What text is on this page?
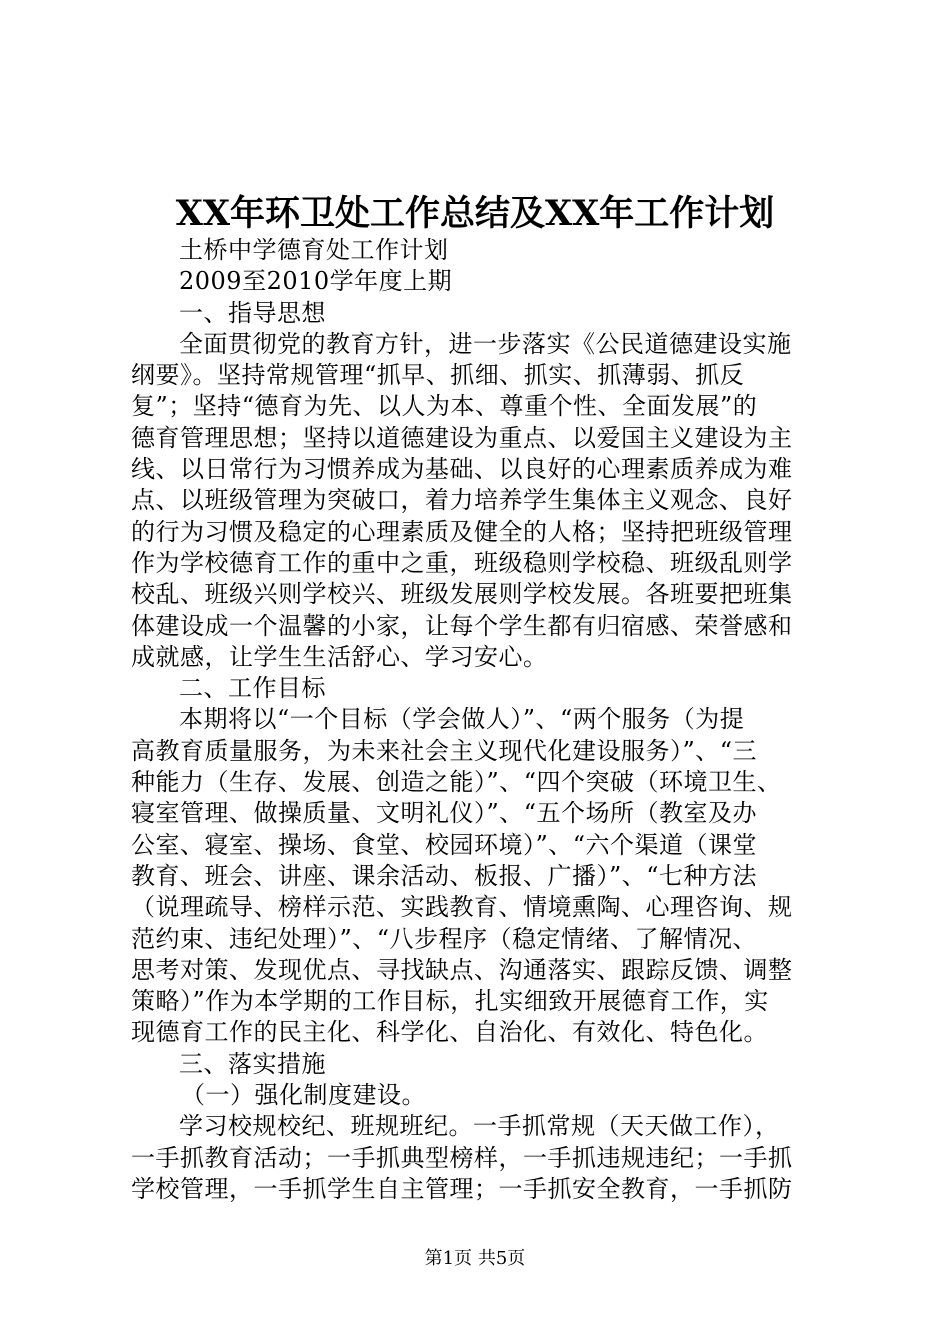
XX年环卫处工作总结及XX年工作计划
土桥中学德育处工作计划
2009至2010学年度上期
一、指导思想
全面贯彻党的教育方针，进一步落实《公民道德建设实施
纲要》。坚持常规管理“抓早、抓细、抓实、抓薄弱、抓反
复”；坚持“德育为先、以人为本、尊重个性、全面发展”的
德育管理思想；坚持以道德建设为重点、以爱国主义建设为主
线、以日常行为习惯养成为基础、以良好的心理素质养成为难
点、以班级管理为突破口，着力培养学生集体主义观念、良好
的行为习惯及稳定的心理素质及健全的人格；坚持把班级管理
作为学校德育工作的重中之重，班级稳则学校稳、班级乱则学
校乱、班级兴则学校兴、班级发展则学校发展。各班要把班集
体建设成一个温馨的小家，让每个学生都有归宿感、荣誉感和
成就感，让学生生活舒心、学习安心。
二、工作目标
本期将以“一个目标（学会做人）”、“两个服务（为提
高教育质量服务，为未来社会主义现代化建设服务）”、“三
种能力（生存、发展、创造之能）”、“四个突破（环境卫生、
寝室管理、做操质量、文明礼仪）”、“五个场所（教室及办
公室、寝室、操场、食堂、校园环境）”、“六个渠道（课堂
教育、班会、讲座、课余活动、板报、广播）”、“七种方法
（说理疏导、榜样示范、实践教育、情境熏陶、心理咨询、规
范约束、违纪处理）”、“八步程序（稳定情绪、了解情况、
思考对策、发现优点、寻找缺点、沟通落实、跟踪反馈、调整
策略）”作为本学期的工作目标，扎实细致开展德育工作，实
现德育工作的民主化、科学化、自治化、有效化、特色化。
三、落实措施
（一）强化制度建设。
学习校规校纪、班规班纪。一手抓常规（天天做工作），
一手抓教育活动；一手抓典型榜样，一手抓违规违纪；一手抓
学校管理，一手抓学生自主管理；一手抓安全教育，一手抓防
第1页 共5页
